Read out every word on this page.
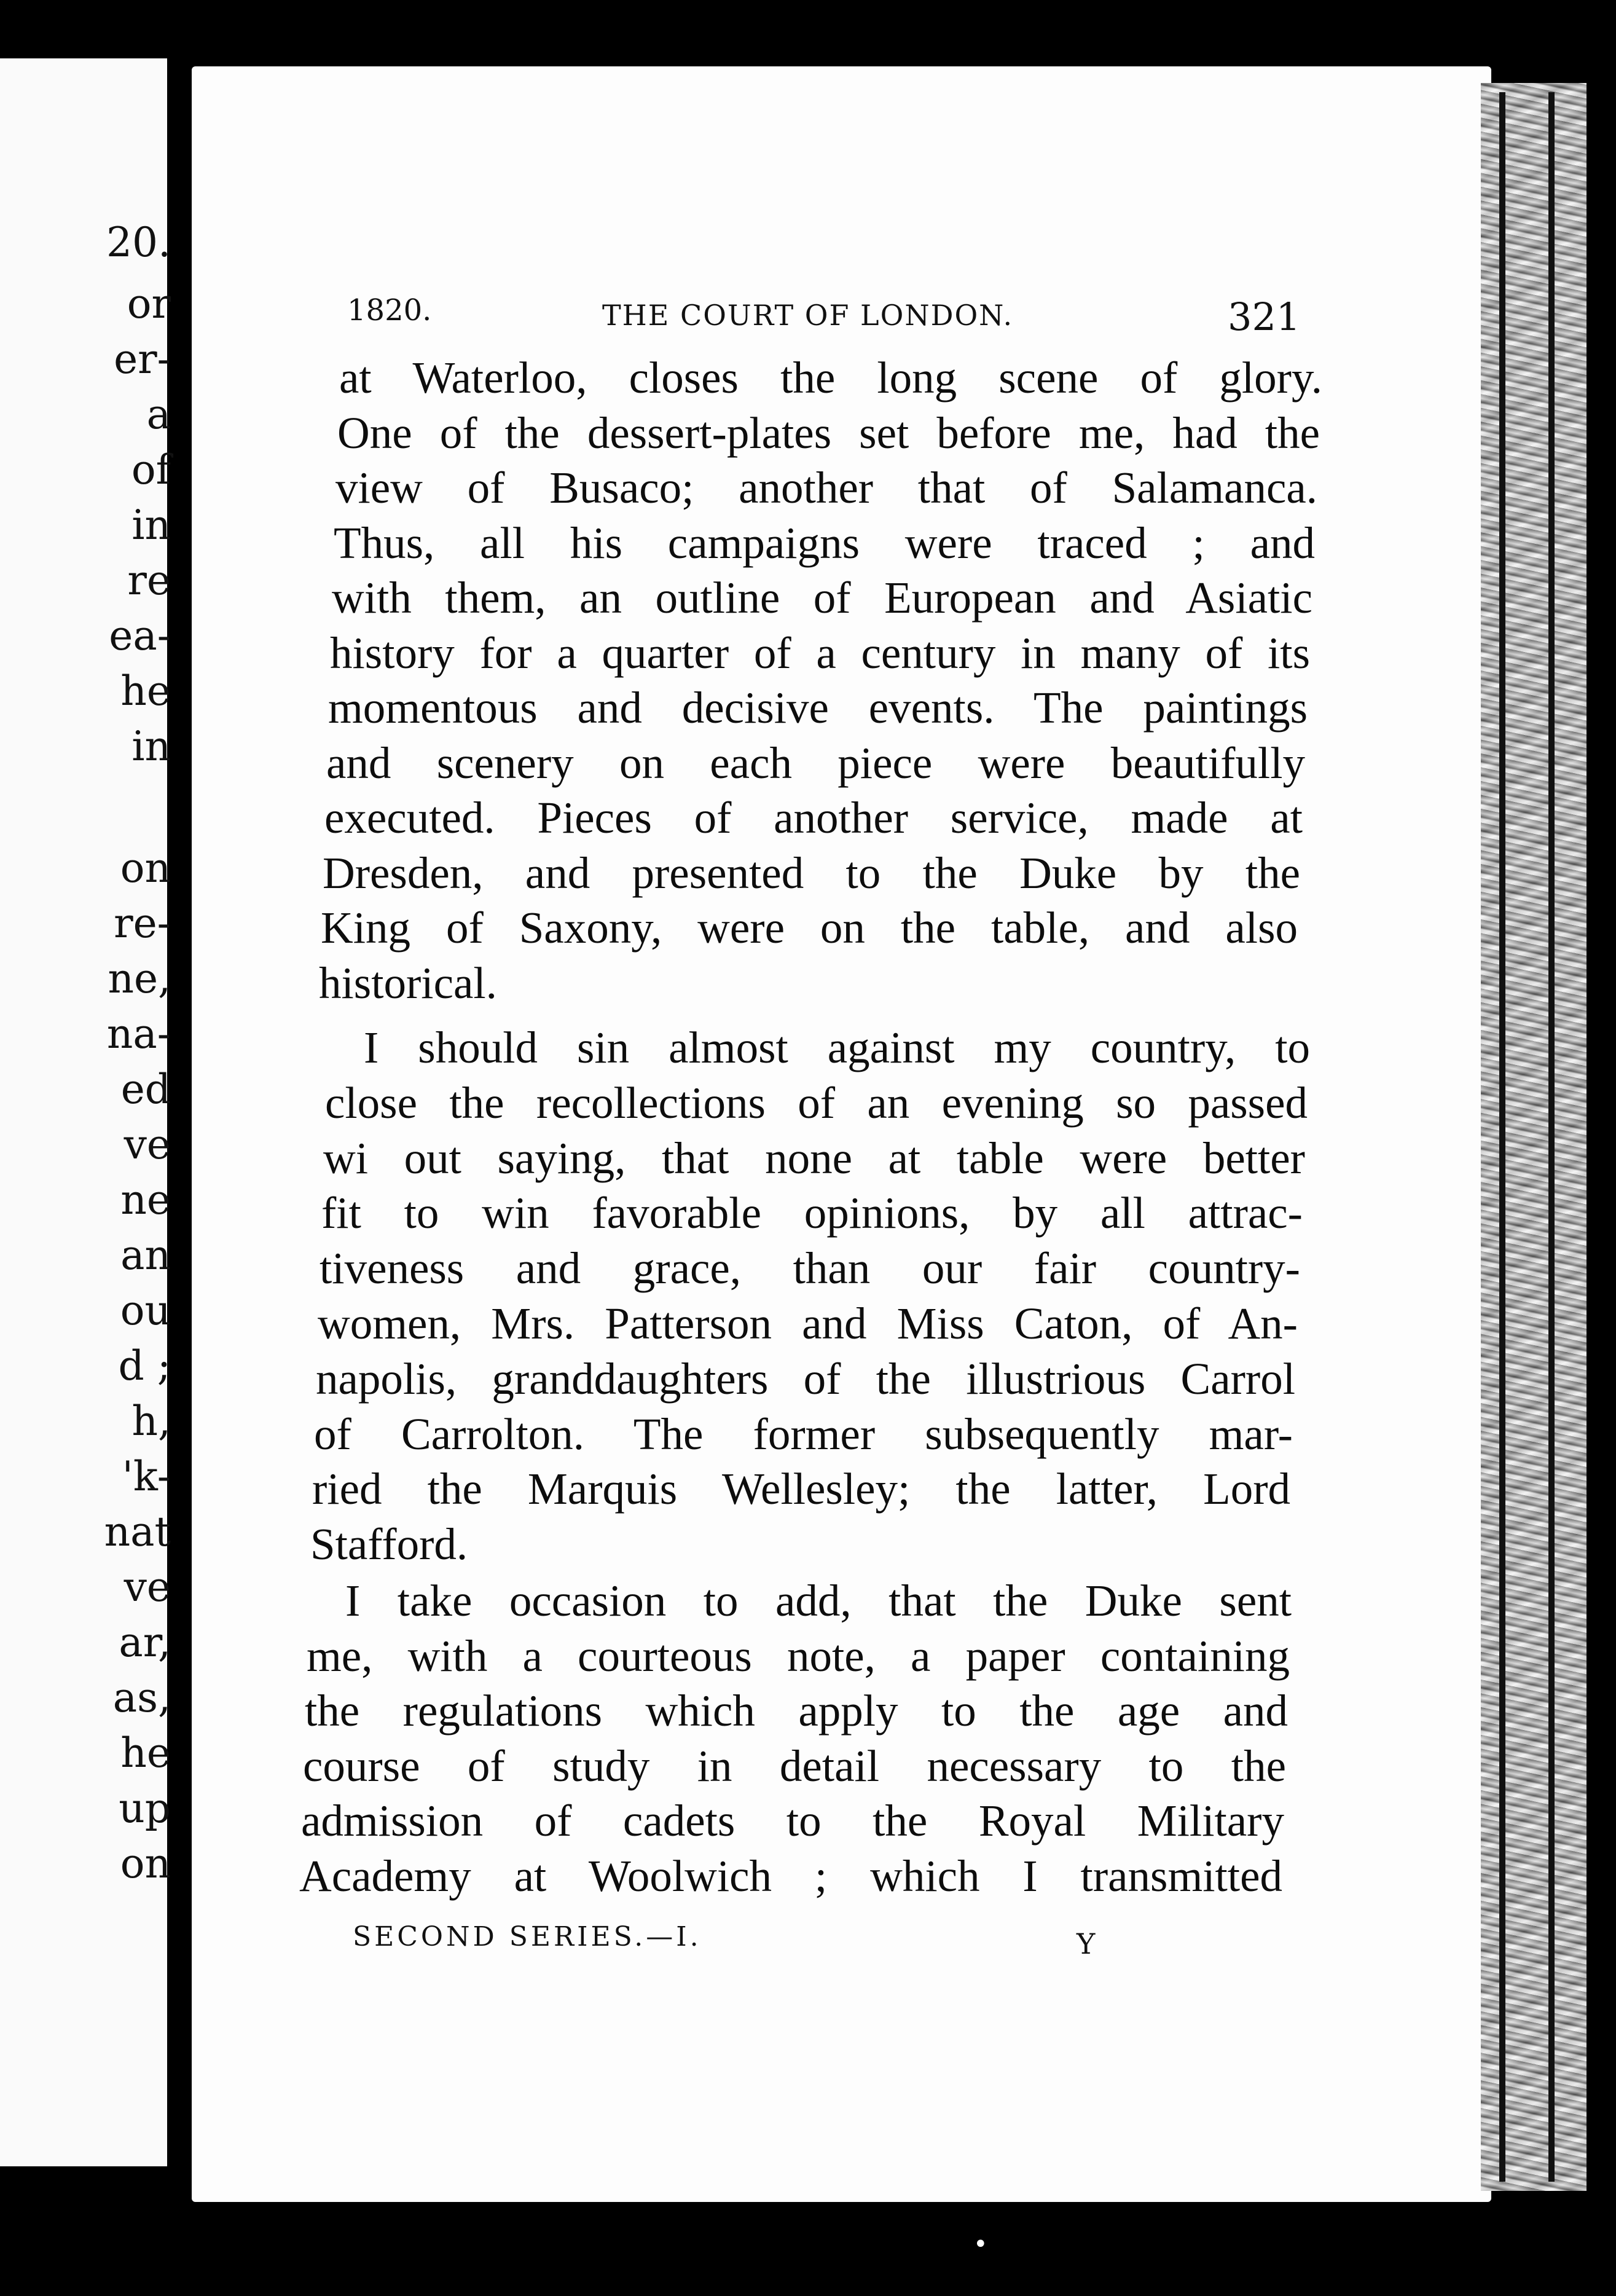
20.
or
er-
a
of
in
re
ea-
he
in
on
re-
ne,
na-
ed
ve
ne
an
ou
d ;
h,
'k-
nat
ve
ar,
as,
he
up
on
1820.	THE COURT OF LONDON.	321
at Waterloo, closes the long scene of glory.
One of the dessert-plates set before me, had the
view of Busaco; another that of Salamanca.
Thus, all his campaigns were traced ; and
with them, an outline of European and Asiatic
history for a quarter of a century in many of its
momentous and decisive events. The paintings
and scenery on each piece were beautifully
executed. Pieces of another service, made at
Dresden, and presented to the Duke by the
King of Saxony, were on the table, and also
historical.
I should sin almost against my country, to
close the recollections of an evening so passed
wi out saying, that none at table were better
fit to win favorable opinions, by all attrac-
tiveness and grace, than our fair country-
women, Mrs. Patterson and Miss Caton, of An-
napolis, granddaughters of the illustrious Carrol
of Carrolton. The former subsequently mar-
ried the Marquis Wellesley; the latter, Lord
Stafford.
I take occasion to add, that the Duke sent
me, with a courteous note, a paper containing
the regulations which apply to the age and
course of study in detail necessary to the
admission of cadets to the Royal Military
Academy at Woolwich ; which I transmitted
SECOND SERIES.—I.	Y
•
